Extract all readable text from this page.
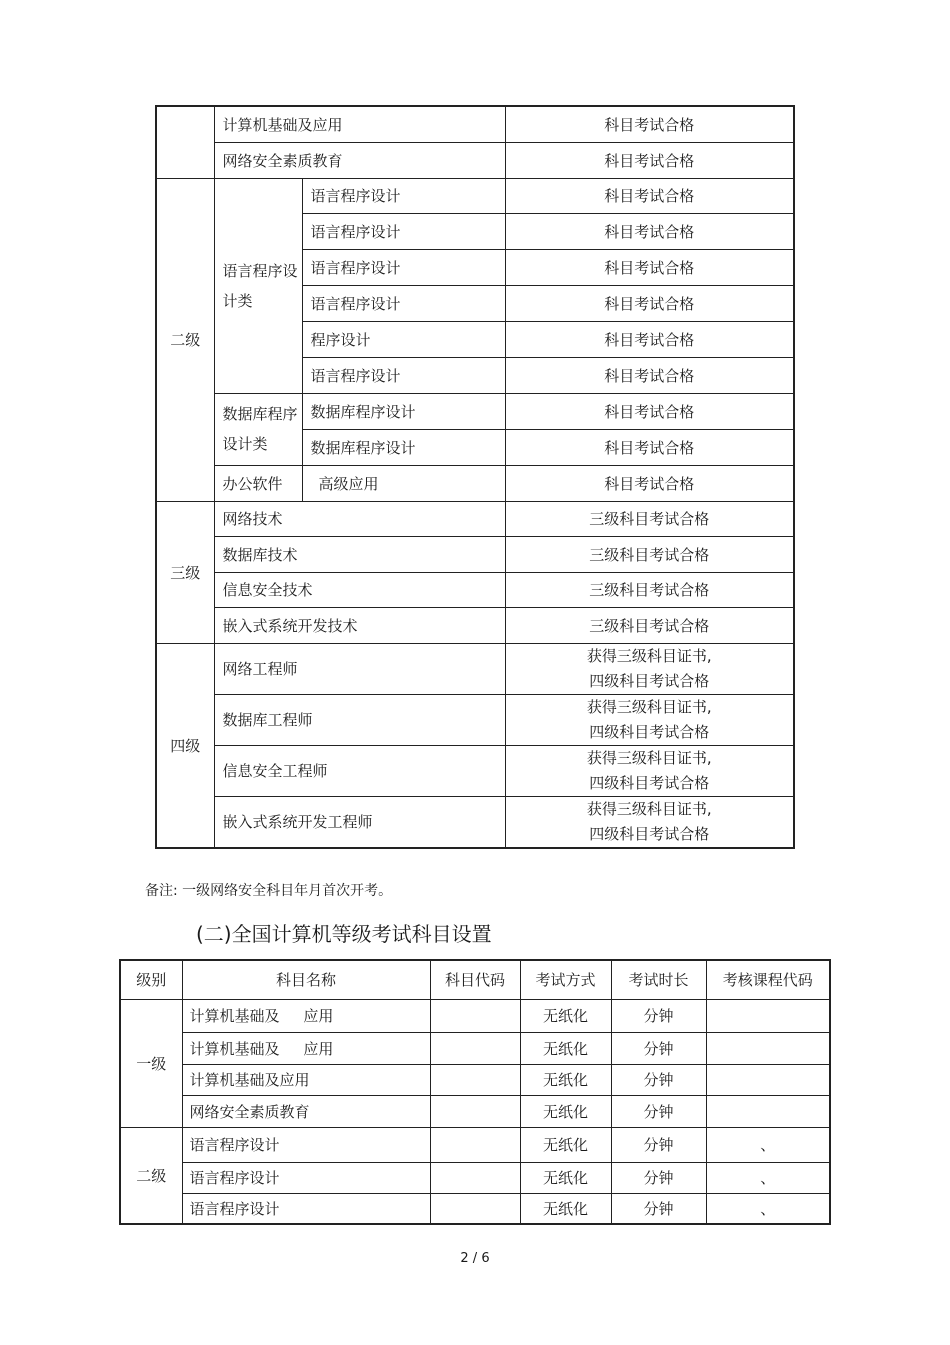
	计算机基础及应用		科目考试合格
	网络安全素质教育		科目考试合格
二级	语言程序设计类	语言程序设计	科目考试合格
		语言程序设计	科目考试合格
		语言程序设计	科目考试合格
		语言程序设计	科目考试合格
		程序设计	科目考试合格
		语言程序设计	科目考试合格
	数据库程序设计类	数据库程序设计	科目考试合格
		数据库程序设计	科目考试合格
	办公软件	高级应用	科目考试合格
三级	网络技术		三级科目考试合格
	数据库技术		三级科目考试合格
	信息安全技术		三级科目考试合格
	嵌入式系统开发技术		三级科目考试合格
四级	网络工程师		获得三级科目证书,
四级科目考试合格

	数据库工程师		获得三级科目证书,
四级科目考试合格

	信息安全工程师		获得三级科目证书,
四级科目考试合格

	嵌入式系统开发工程师		获得三级科目证书,
四级科目考试合格
备注: 一级网络安全科目年月首次开考。
(二)全国计算机等级考试科目设置
级别	科目名称	科目代码	考试方式	考试时长	考核课程代码
一级	计算机基础及     应用		无纸化	分钟	
	计算机基础及     应用		无纸化	分钟	
	计算机基础及应用		无纸化	分钟	
	网络安全素质教育		无纸化	分钟	
二级	语言程序设计		无纸化	分钟	、
	语言程序设计		无纸化	分钟	、
	语言程序设计		无纸化	分钟	、
2 / 6
